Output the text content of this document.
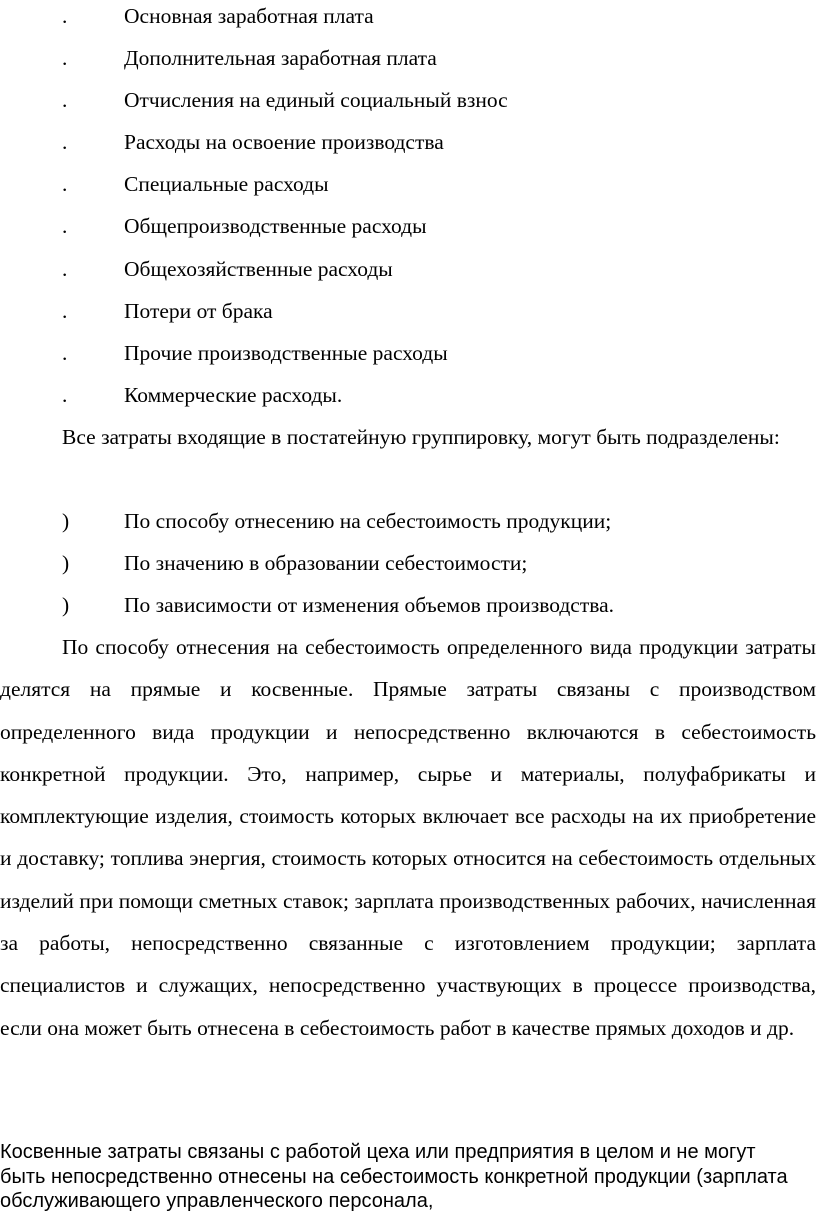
.	Основная заработная плата
.	Дополнительная заработная плата
.	Отчисления на единый социальный взнос
.	Расходы на освоение производства
.	Специальные расходы
.	Общепроизводственные расходы
.	Общехозяйственные расходы
.	Потери от брака
.	Прочие производственные расходы
.	Коммерческие расходы.

Все затраты входящие в постатейную группировку, могут быть подразделены:

)	По способу отнесению на себестоимость продукции;
)	По значению в образовании себестоимости;
)	По зависимости от изменения объемов производства.

По способу отнесения на себестоимость определенного вида продукции затраты делятся на прямые и косвенные. Прямые затраты связаны с производством определенного вида продукции и непосредственно включаются в себестоимость конкретной продукции. Это, например, сырье и материалы, полуфабрикаты и комплектующие изделия, стоимость которых включает все расходы на их приобретение и доставку; топлива энергия, стоимость которых относится на себестоимость отдельных изделий при помощи сметных ставок; зарплата производственных рабочих, начисленная за работы, непосредственно связанные с изготовлением продукции; зарплата специалистов и служащих, непосредственно участвующих в процессе производства, если она может быть отнесена в себестоимость работ в качестве прямых доходов и др.

Косвенные затраты связаны с работой цеха или предприятия в целом и не могут быть непосредственно отнесены на себестоимость конкретной продукции (зарплата обслуживающего управленческого персонала,
